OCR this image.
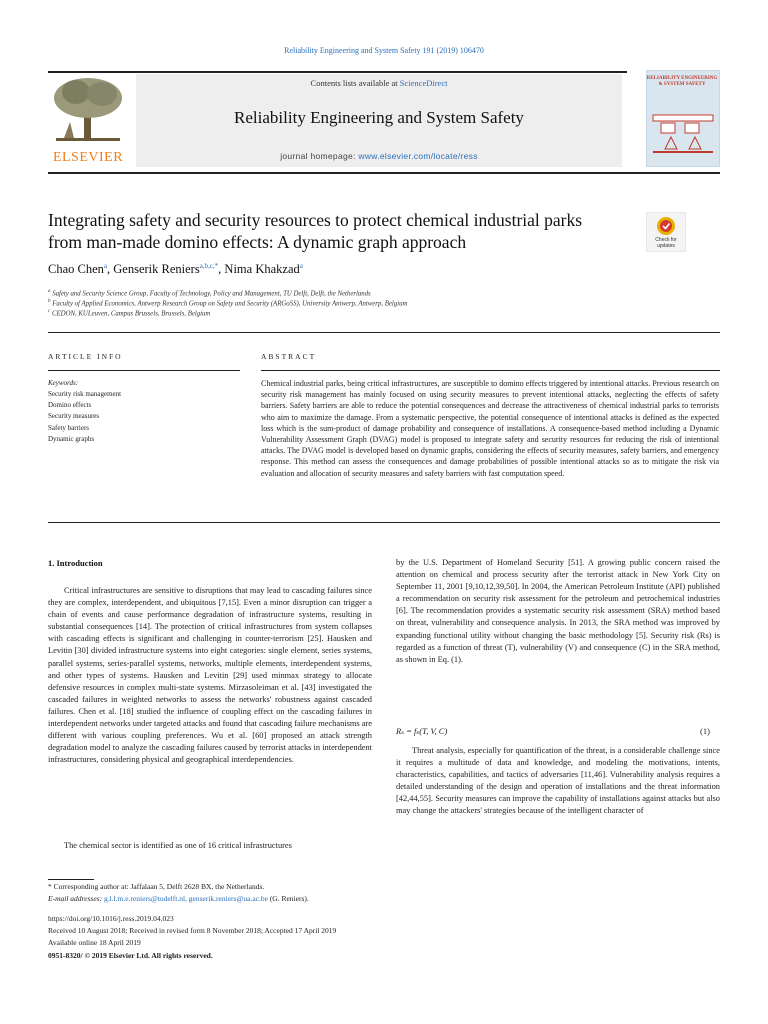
Reliability Engineering and System Safety 191 (2019) 106470
ELSEVIER
Contents lists available at ScienceDirect
Reliability Engineering and System Safety
journal homepage: www.elsevier.com/locate/ress
RELIABILITY ENGINEERING & SYSTEM SAFETY
Integrating safety and security resources to protect chemical industrial parks
from man-made domino effects: A dynamic graph approach	Check for updates
Chao Chen$^a$, Genserik Reniers$^{a,b,c,*}$, Nima Khakzad$^a$
$^a$ Safety and Security Science Group, Faculty of Technology, Policy and Management, TU Delft, Delft, the Netherlands
$^b$ Faculty of Applied Economics, Antwerp Research Group on Safety and Security (ARGoSS), University Antwerp, Antwerp, Belgium
$^c$ CEDON, KULeuven, Campus Brussels, Brussels, Belgium
ARTICLE INFO
Keywords:
Security risk management
Domino effects
Security measures
Safety barriers
Dynamic graphs
ABSTRACT
Chemical industrial parks, being critical infrastructures, are susceptible to domino effects triggered by intentional attacks. Previous research on security risk management has mainly focused on using security measures to prevent intentional attacks, neglecting the effects of safety barriers. Safety barriers are able to reduce the potential consequences and decrease the attractiveness of chemical industrial parks to terrorists who aim to maximize the damage. From a systematic perspective, the potential consequence of intentional attacks is defined as the expected loss which is the sum-product of damage probability and consequence of installations. A consequence-based method including a Dynamic Vulnerability Assessment Graph (DVAG) model is proposed to integrate safety and security resources for reducing the risk of intentional attacks. The DVAG model is developed based on dynamic graphs, considering the effects of security measures, safety barriers, and emergency response. This method can assess the consequences and damage probabilities of possible intentional attacks so as to mitigate the risk via evaluation and allocation of security measures and safety barriers with fast computation speed.
1. Introduction
Critical infrastructures are sensitive to disruptions that may lead to cascading failures since they are complex, interdependent, and ubiquitous [7,15]. Even a minor disruption can trigger a chain of events and cause performance degradation of infrastructure systems, resulting in substantial consequences [14]. The protection of critical infrastructures from system collapses with cascading effects is significant and challenging in counter-terrorism [25]. Hausken and Levitin [30] divided infrastructure systems into eight categories: single element, series systems, parallel systems, series-parallel systems, networks, multiple elements, interdependent systems, and other types of systems. Hausken and Levitin [29] used minmax strategy to allocate defensive resources in complex multi-state systems. Mirzasoleiman et al. [43] investigated the cascaded failures in weighted networks to assess the networks' robustness against cascaded failures. Chen et al. [18] studied the influence of coupling effect on the cascading failures in interdependent networks under targeted attacks and found that cascading failure mechanisms are different with various coupling preferences. Wu et al. [60] proposed an attack strength degradation model to analyze the cascading failures caused by terrorist attacks in interdependent infrastructures, considering physical and geographical interdependencies.
The chemical sector is identified as one of 16 critical infrastructures
by the U.S. Department of Homeland Security [51]. A growing public concern raised the attention on chemical and process security after the terrorist attack in New York City on September 11, 2001 [9,10,12,39,50]. In 2004, the American Petroleum Institute (API) published a recommendation on security risk assessment for the petroleum and petrochemical industries [6]. The recommendation provides a systematic security risk assessment (SRA) method based on threat, vulnerability and consequence analysis. In 2013, the SRA method was improved by expanding functional utility without changing the basic methodology [5]. Security risk (Rs) is regarded as a function of threat (T), vulnerability (V) and consequence (C) in the SRA method, as shown in Eq. (1).
Rₛ = fₛ(T, V, C)	(1)
Threat analysis, especially for quantification of the threat, is a considerable challenge since it requires a multitude of data and knowledge, and modeling the motivations, intents, characteristics, capabilities, and tactics of adversaries [11,46]. Vulnerability analysis requires a detailed understanding of the design and operation of installations and the threat information [42,44,55]. Security measures can improve the capability of installations against attacks but also may change the attackers' strategies because of the intelligent character of
* Corresponding author at: Jaffalaan 5, Delft 2628 BX, the Netherlands.
E-mail addresses: g.l.l.m.e.reniers@tudelft.nl, genserik.reniers@ua.ac.be (G. Reniers).
https://doi.org/10.1016/j.ress.2019.04.023
Received 10 August 2018; Received in revised form 8 November 2018; Accepted 17 April 2019
Available online 18 April 2019
0951-8320/ © 2019 Elsevier Ltd. All rights reserved.
